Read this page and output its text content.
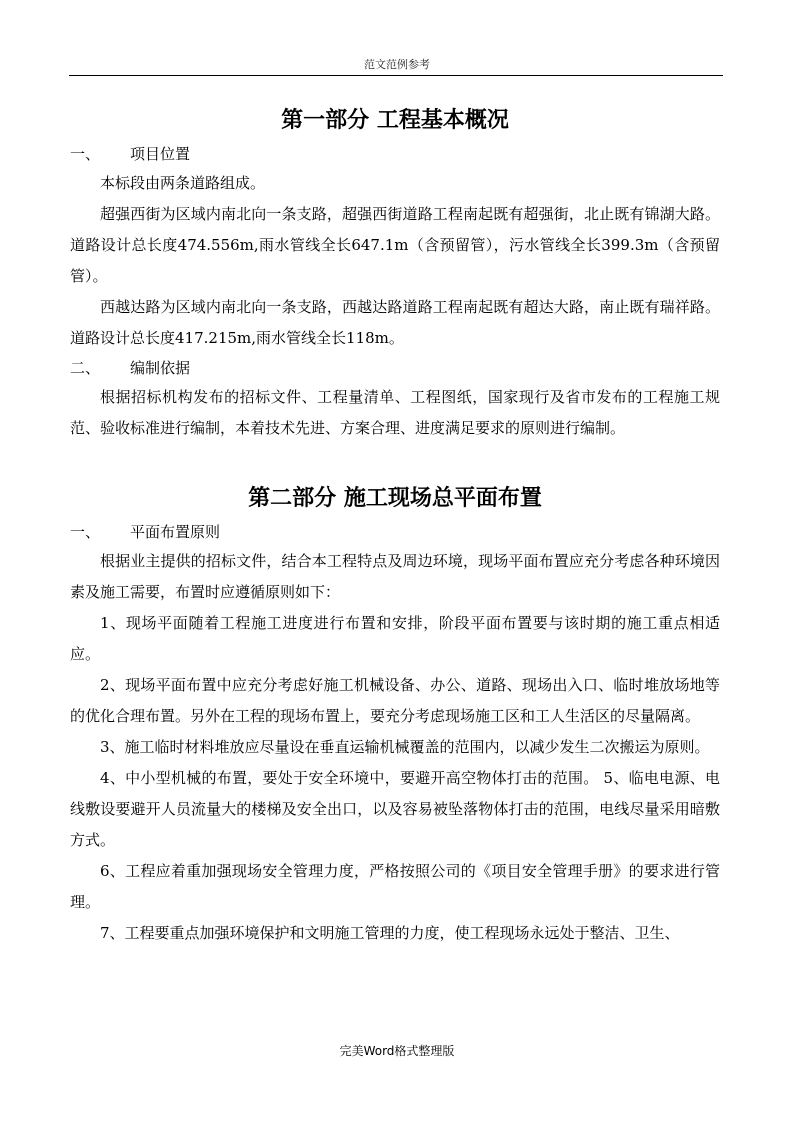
范文范例参考
第一部分 工程基本概况
一、 项目位置

本标段由两条道路组成。

超强西街为区域内南北向一条支路，超强西街道路工程南起既有超强街，北止既有锦湖大路。道路设计总长度474.556m,雨水管线全长647.1m（含预留管），污水管线全长399.3m（含预留管）。

西越达路为区域内南北向一条支路，西越达路道路工程南起既有超达大路，南止既有瑞祥路。道路设计总长度417.215m,雨水管线全长118m。

二、 编制依据

根据招标机构发布的招标文件、工程量清单、工程图纸，国家现行及省市发布的工程施工规范、验收标准进行编制，本着技术先进、方案合理、进度满足要求的原则进行编制。

第二部分 施工现场总平面布置
一、 平面布置原则

根据业主提供的招标文件，结合本工程特点及周边环境，现场平面布置应充分考虑各种环境因素及施工需要，布置时应遵循原则如下：

1、现场平面随着工程施工进度进行布置和安排，阶段平面布置要与该时期的施工重点相适应。

2、现场平面布置中应充分考虑好施工机械设备、办公、道路、现场出入口、临时堆放场地等的优化合理布置。另外在工程的现场布置上，要充分考虑现场施工区和工人生活区的尽量隔离。

3、施工临时材料堆放应尽量设在垂直运输机械覆盖的范围内，以减少发生二次搬运为原则。

4、中小型机械的布置，要处于安全环境中，要避开高空物体打击的范围。 5、临电电源、电线敷设要避开人员流量大的楼梯及安全出口，以及容易被坠落物体打击的范围，电线尽量采用暗敷方式。

6、工程应着重加强现场安全管理力度，严格按照公司的《项目安全管理手册》的要求进行管理。

7、工程要重点加强环境保护和文明施工管理的力度，使工程现场永远处于整洁、卫生、

完美Word格式整理版
